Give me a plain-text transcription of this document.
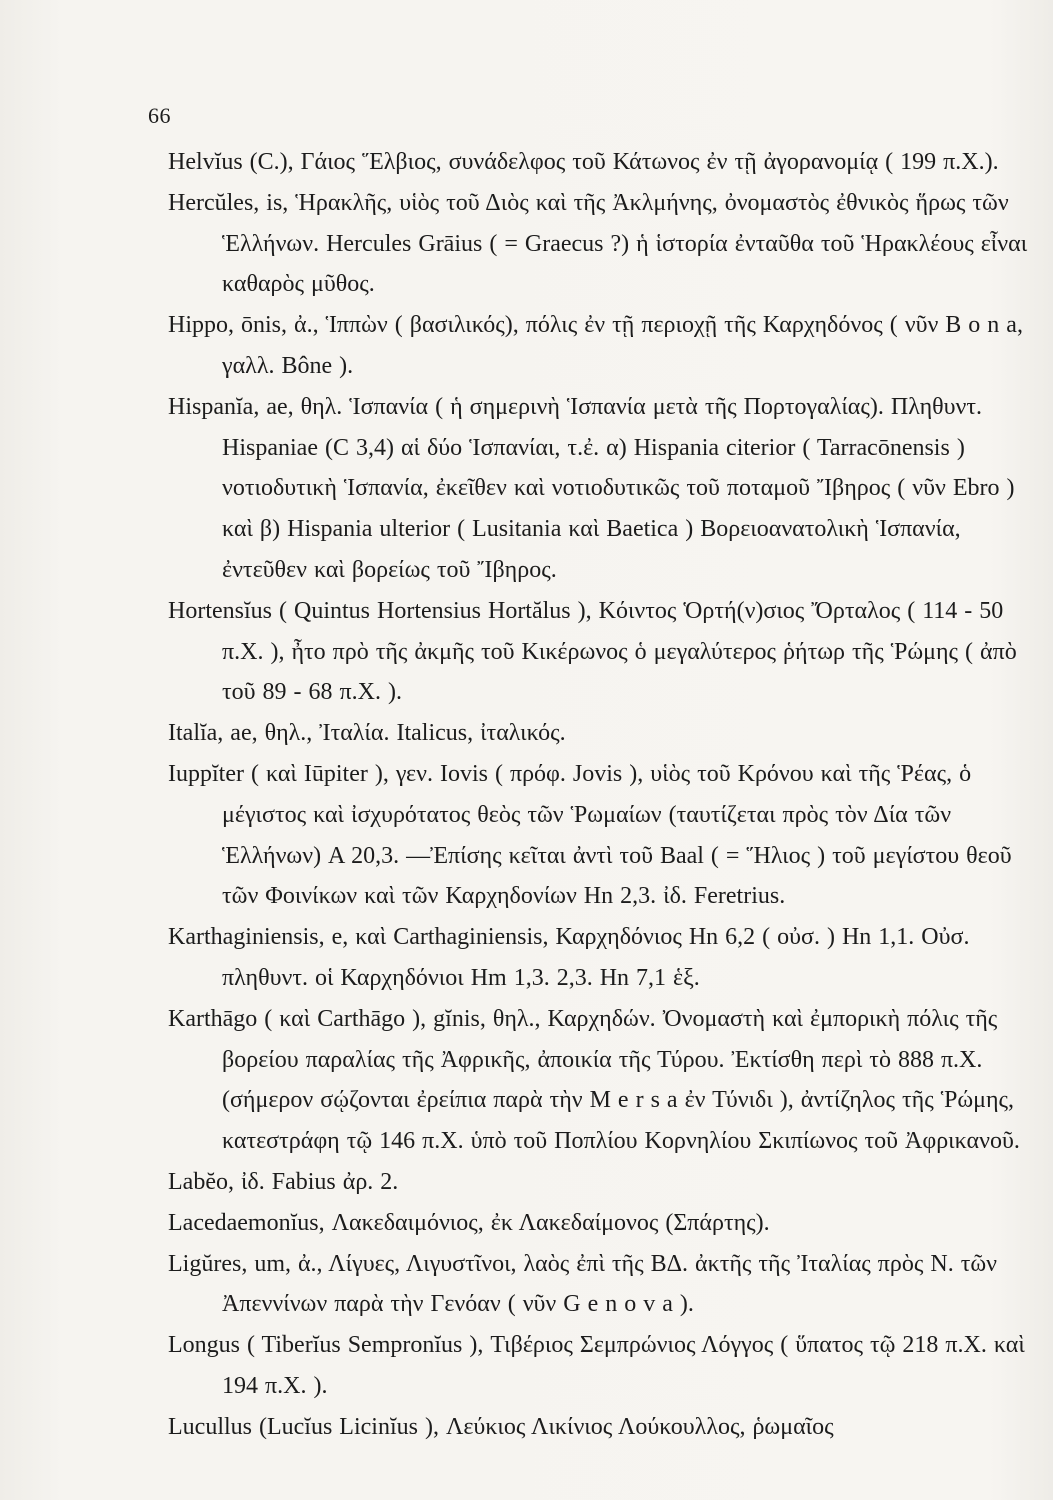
66
Helvĭus (C.), Γάιος Ἕλβιος, συνάδελφος τοῦ Κάτωνος ἐν τῇ ἀγορανομίᾳ ( 199 π.Χ.).
Hercŭles, is, Ἡρακλῆς, υἱὸς τοῦ Διὸς καὶ τῆς Ἀκλμήνης, ὀνομαστὸς ἐθνικὸς ἥρως τῶν Ἑλλήνων. Hercules Grāius ( = Graecus ?) ἡ ἱστορία ἐνταῦθα τοῦ Ἡρακλέους εἶναι καθαρὸς μῦθος.
Hippo, ōnis, ἀ., Ἱππὼν ( βασιλικός), πόλις ἐν τῇ περιοχῇ τῆς Καρχηδόνος ( νῦν B o n a, γαλλ. Bône ).
Hispanĭa, ae, θηλ. Ἱσπανία ( ἡ σημερινὴ Ἱσπανία μετὰ τῆς Πορτογαλίας). Πληθυντ. Hispaniae (C 3,4) αἱ δύο Ἱσπανίαι, τ.ἐ. α) Hispania citerior ( Tarracōnensis ) νοτιοδυτικὴ Ἱσπανία, ἐκεῖθεν καὶ νοτιοδυτικῶς τοῦ ποταμοῦ Ἴβηρος ( νῦν Ebro ) καὶ β) Hispania ulterior ( Lusitania καὶ Baetica ) Βορειοανατολικὴ Ἱσπανία, ἐντεῦθεν καὶ βορείως τοῦ Ἴβηρος.
Hortensĭus ( Quintus Hortensius Hortălus ), Κόιντος Ὁρτή(ν)σιος Ὄρταλος ( 114 - 50 π.Χ. ), ἦτο πρὸ τῆς ἀκμῆς τοῦ Κικέρωνος ὁ μεγαλύτερος ῥήτωρ τῆς Ῥώμης ( ἀπὸ τοῦ 89 - 68 π.Χ. ).
Italĭa, ae, θηλ., Ἰταλία. Italicus, ἰταλικός.
Iuppĭter ( καὶ Iūpiter ), γεν. Iovis ( πρόφ. Jovis ), υἱὸς τοῦ Κρόνου καὶ τῆς Ῥέας, ὁ μέγιστος καὶ ἰσχυρότατος θεὸς τῶν Ῥωμαίων (ταυτίζεται πρὸς τὸν Δία τῶν Ἑλλήνων) A 20,3. —Ἐπίσης κεῖται ἀντὶ τοῦ Baal ( = Ἥλιος ) τοῦ μεγίστου θεοῦ τῶν Φοινίκων καὶ τῶν Καρχηδονίων Hn 2,3. ἰδ. Feretrius.
Karthaginiensis, e, καὶ Carthaginiensis, Καρχηδόνιος Hn 6,2 ( οὐσ. ) Hn 1,1. Οὐσ. πληθυντ. οἱ Καρχηδόνιοι Hm 1,3. 2,3. Hn 7,1 ἑξ.
Karthāgo ( καὶ Carthāgo ), gĭnis, θηλ., Καρχηδών. Ὀνομαστὴ καὶ ἐμπορικὴ πόλις τῆς βορείου παραλίας τῆς Ἀφρικῆς, ἀποικία τῆς Τύρου. Ἐκτίσθη περὶ τὸ 888 π.Χ. (σήμερον σῴζονται ἐρείπια παρὰ τὴν M e r s a ἐν Τύνιδι ), ἀντίζηλος τῆς Ῥώμης, κατεστράφη τῷ 146 π.Χ. ὑπὸ τοῦ Ποπλίου Κορνηλίου Σκιπίωνος τοῦ Ἀφρικανοῦ.
Labĕo, ἰδ. Fabius ἀρ. 2.
Lacedaemonĭus, Λακεδαιμόνιος, ἐκ Λακεδαίμονος (Σπάρτης).
Ligŭres, um, ἀ., Λίγυες, Λιγυστῖνοι, λαὸς ἐπὶ τῆς ΒΔ. ἀκτῆς τῆς Ἰταλίας πρὸς Ν. τῶν Ἀπεννίνων παρὰ τὴν Γενόαν ( νῦν G e n o v a ).
Longus ( Tiberĭus Sempronĭus ), Τιβέριος Σεμπρώνιος Λόγγος ( ὕπατος τῷ 218 π.Χ. καὶ 194 π.Χ. ).
Lucullus (Lucĭus Licinĭus ), Λεύκιος Λικίνιος Λούκουλλος, ῥωμαῖος
